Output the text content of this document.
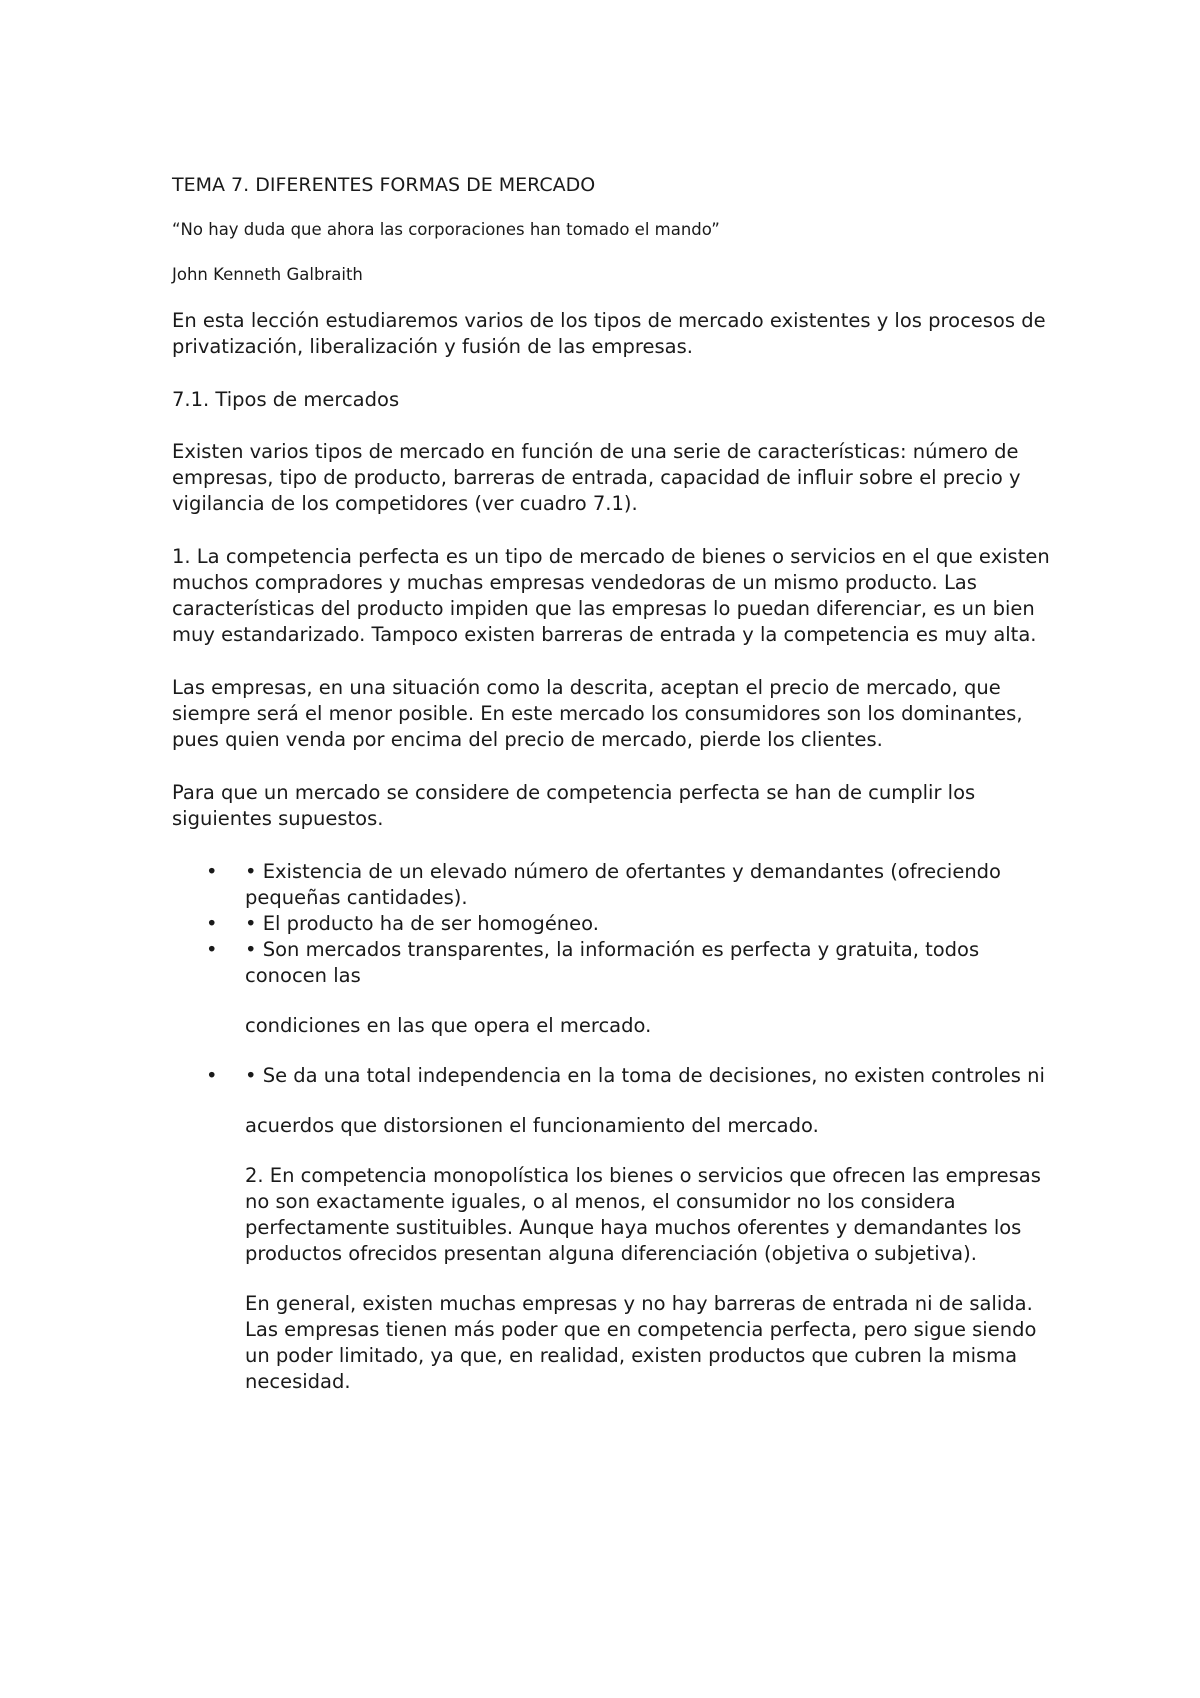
TEMA 7. DIFERENTES FORMAS DE MERCADO

“No hay duda que ahora las corporaciones han tomado el mando”

John Kenneth Galbraith

En esta lección estudiaremos varios de los tipos de mercado existentes y los procesos de privatización, liberalización y fusión de las empresas.

7.1. Tipos de mercados

Existen varios tipos de mercado en función de una serie de características: número de empresas, tipo de producto, barreras de entrada, capacidad de influir sobre el precio y vigilancia de los competidores (ver cuadro 7.1).

1. La competencia perfecta es un tipo de mercado de bienes o servicios en el que existen muchos compradores y muchas empresas vendedoras de un mismo producto. Las características del producto impiden que las empresas lo puedan diferenciar, es un bien muy estandarizado. Tampoco existen barreras de entrada y la competencia es muy alta.

Las empresas, en una situación como la descrita, aceptan el precio de mercado, que siempre será el menor posible. En este mercado los consumidores son los dominantes, pues quien venda por encima del precio de mercado, pierde los clientes.

Para que un mercado se considere de competencia perfecta se han de cumplir los siguientes supuestos.

• • Existencia de un elevado número de ofertantes y demandantes (ofreciendo pequeñas cantidades).
• • El producto ha de ser homogéneo.
• • Son mercados transparentes, la información es perfecta y gratuita, todos conocen las

condiciones en las que opera el mercado.

• • Se da una total independencia en la toma de decisiones, no existen controles ni

acuerdos que distorsionen el funcionamiento del mercado.

2. En competencia monopolística los bienes o servicios que ofrecen las empresas no son exactamente iguales, o al menos, el consumidor no los considera perfectamente sustituibles. Aunque haya muchos oferentes y demandantes los productos ofrecidos presentan alguna diferenciación (objetiva o subjetiva).

En general, existen muchas empresas y no hay barreras de entrada ni de salida. Las empresas tienen más poder que en competencia perfecta, pero sigue siendo un poder limitado, ya que, en realidad, existen productos que cubren la misma necesidad.
